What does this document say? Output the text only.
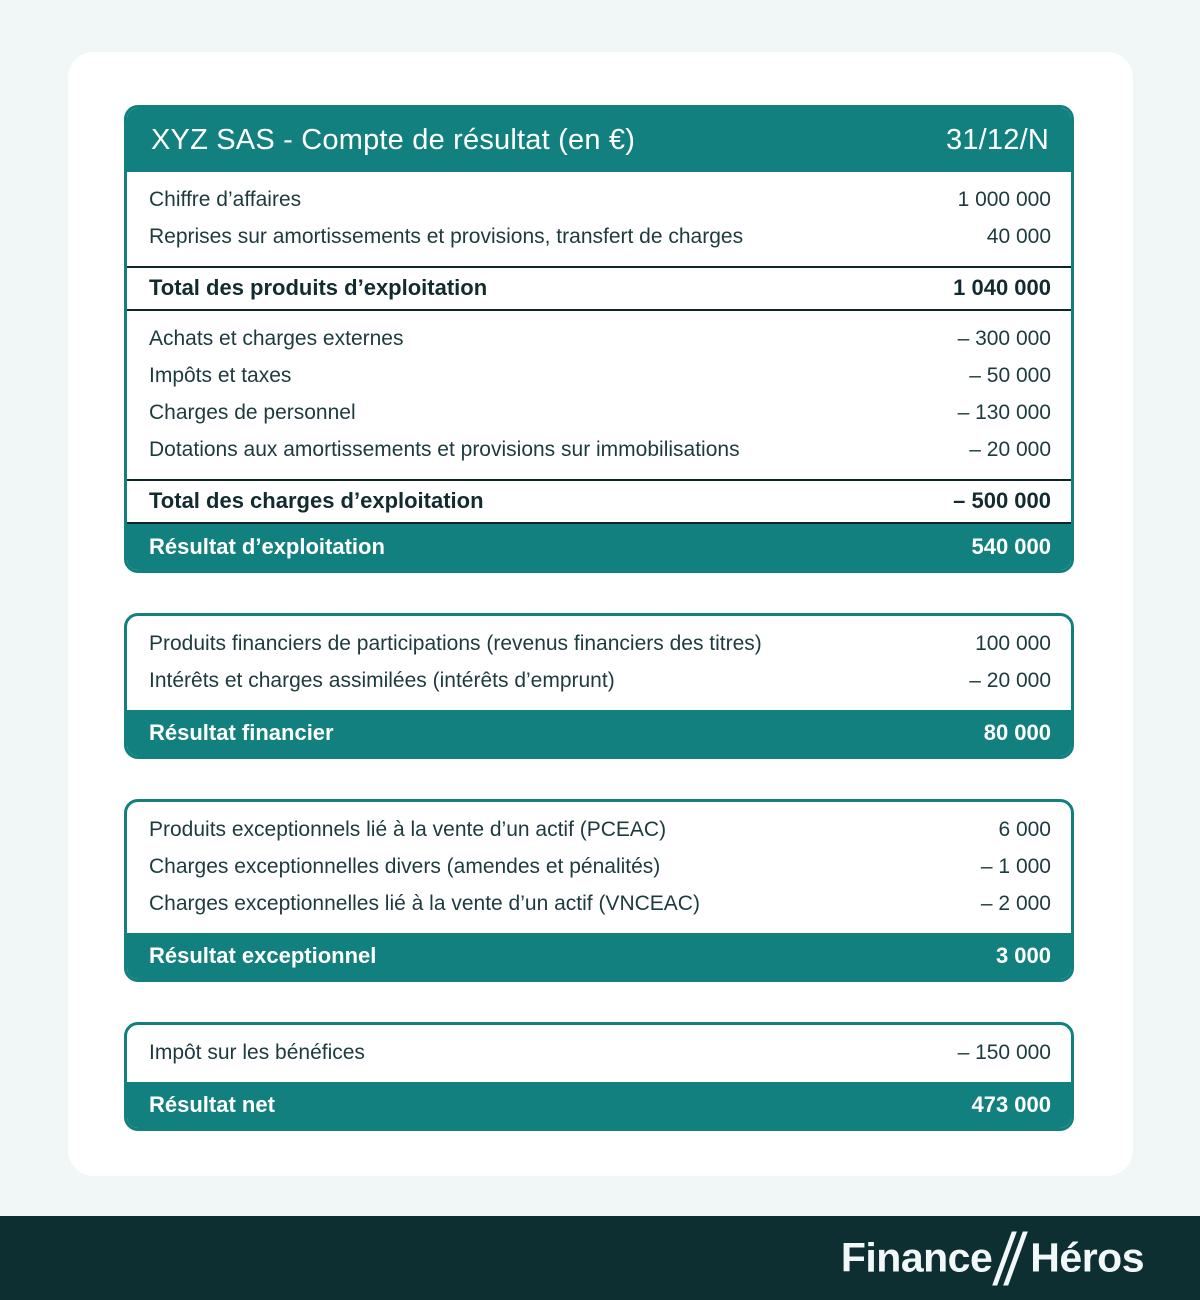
XYZ SAS - Compte de résultat (en €)	31/12/N
Chiffre d’affaires	1 000 000
Reprises sur amortissements et provisions, transfert de charges	40 000
Total des produits d’exploitation	1 040 000
Achats et charges externes	– 300 000
Impôts et taxes	– 50 000
Charges de personnel	– 130 000
Dotations aux amortissements et provisions sur immobilisations	– 20 000
Total des charges d’exploitation	– 500 000
Résultat d’exploitation	540 000
Produits financiers de participations (revenus financiers des titres)	100 000
Intérêts et charges assimilées (intérêts d’emprunt)	– 20 000
Résultat financier	80 000
Produits exceptionnels lié à la vente d’un actif (PCEAC)	6 000
Charges exceptionnelles divers (amendes et pénalités)	– 1 000
Charges exceptionnelles lié à la vente d’un actif (VNCEAC)	– 2 000
Résultat exceptionnel	3 000
Impôt sur les bénéfices	– 150 000
Résultat net	473 000
Finance Héros
